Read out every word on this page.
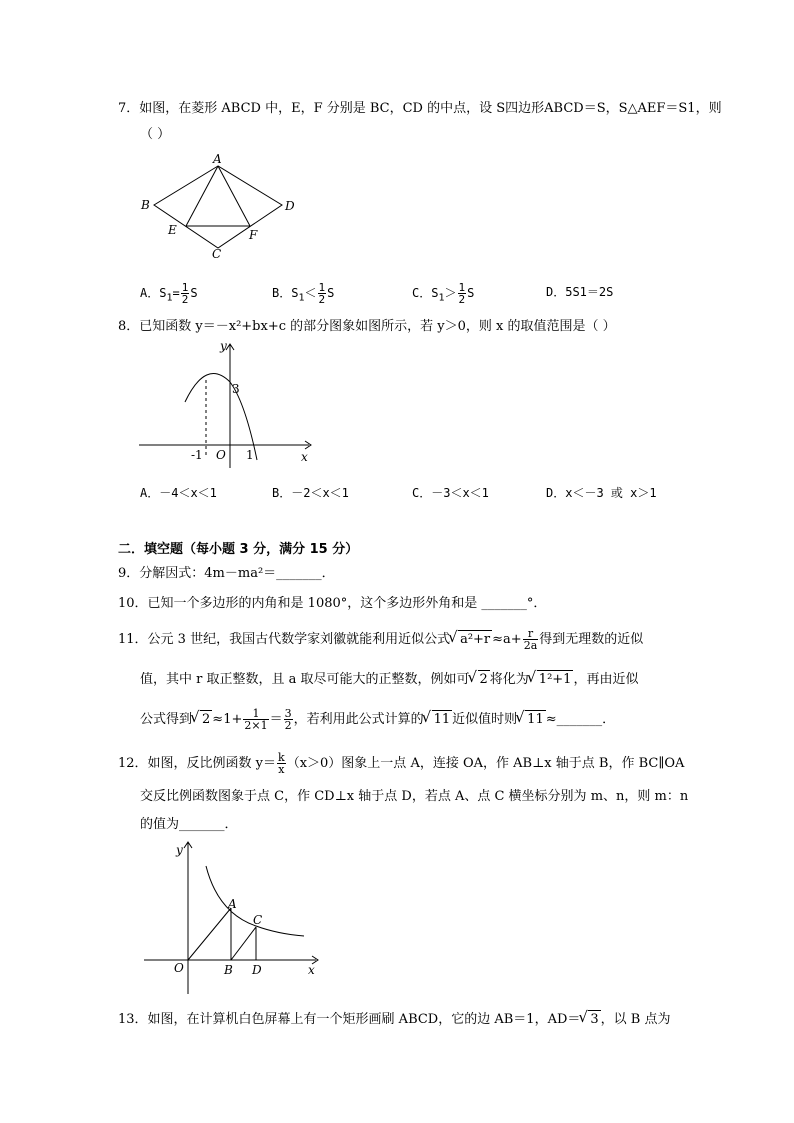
7．如图，在菱形 ABCD 中，E，F 分别是 BC，CD 的中点，设 S四边形ABCD＝S，S△AEF＝S1，则
（ ）
A
B
C
D
E	F
A．$S_1= \frac{1}{2}$ S	B．$S_1< \frac{1}{2}$ S	C．$S_1> \frac{1}{2}$ S	D．5S1＝2S
8．已知函数 y＝－x²+bx+c 的部分图象如图所示，若 y＞0，则 x 的取值范围是（ ）
y
3
-1 O 1	x
A．－4＜x＜1	B．－2＜x＜1	C．－3＜x＜1	D．x＜－3 或 x＞1
二．填空题（每小题 3 分，满分 15 分）
9．分解因式：4m－ma²＝_______．
10．已知一个多边形的内角和是 1080°，这个多边形外角和是 _______°．
11．公元 3 世纪，我国古代数学家刘徽就能利用近似公式 √ $a^2+r \approx a+ \frac{r}{2a}$ 得到无理数的近似
值，其中 r 取正整数，且 a 取尽可能大的正整数，例如可 √ 2 将化为 √ 1²+1 ，再由近似
公式得到 √ $2 \approx 1+ \frac{1}{2\times 1} = \frac{3}{2}$ ，若利用此公式计算的 √ 11 近似值时则 √ 11 ≈_______．
12．如图，反比例函数 $y= \frac{k}{x} (x>0)$图象上一点 A，连接 OA，作 AB⊥x 轴于点 B，作 BC∥OA
交反比例函数图象于点 C，作 CD⊥x 轴于点 D，若点 A、点 C 横坐标分别为 m、n，则 m：n
的值为_______．
y
O
A
B
C
D	x
13．如图，在计算机白色屏幕上有一个矩形画刷 ABCD，它的边 AB＝1，AD＝ √ 3 ，以 B 点为
